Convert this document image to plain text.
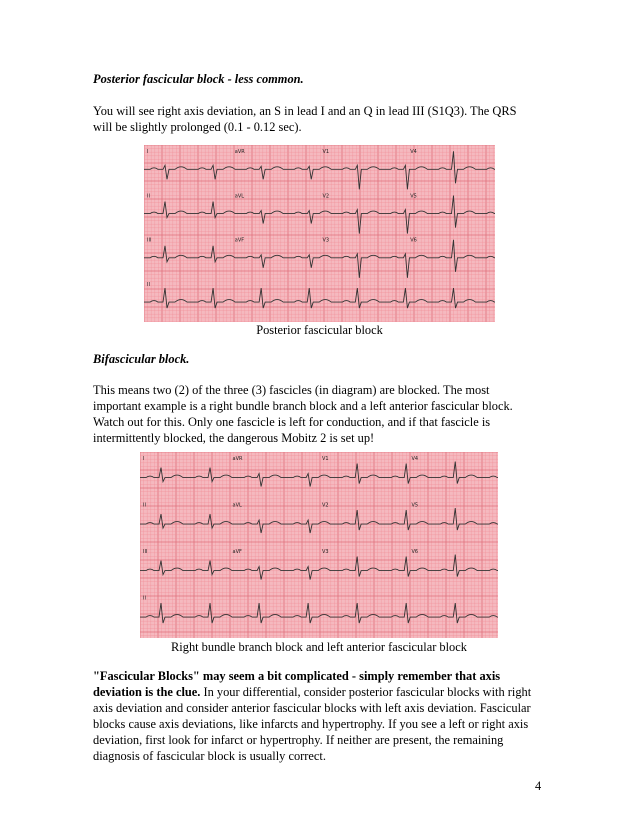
Posterior fascicular block - less common.
You will see right axis deviation, an S in lead I and an Q in lead III (S1Q3). The QRS
will be slightly prolonged (0.1 - 0.12 sec).
I	aVR	V1	V4
II	aVL	V2	V5
III	aVF	V3	V6
II
Posterior fascicular block
Bifascicular block.
This means two (2) of the three (3) fascicles (in diagram) are blocked. The most
important example is a right bundle branch block and a left anterior fascicular block.
Watch out for this. Only one fascicle is left for conduction, and if that fascicle is
intermittently blocked, the dangerous Mobitz 2 is set up!
I	aVR	V1	V4
II	aVL	V2	V5
III	aVF	V3	V6
II
Right bundle branch block and left anterior fascicular block
"Fascicular Blocks" may seem a bit complicated - simply remember that axis
deviation is the clue. In your differential, consider posterior fascicular blocks with right
axis deviation and consider anterior fascicular blocks with left axis deviation. Fascicular
blocks cause axis deviations, like infarcts and hypertrophy. If you see a left or right axis
deviation, first look for infarct or hypertrophy. If neither are present, the remaining
diagnosis of fascicular block is usually correct.
4
